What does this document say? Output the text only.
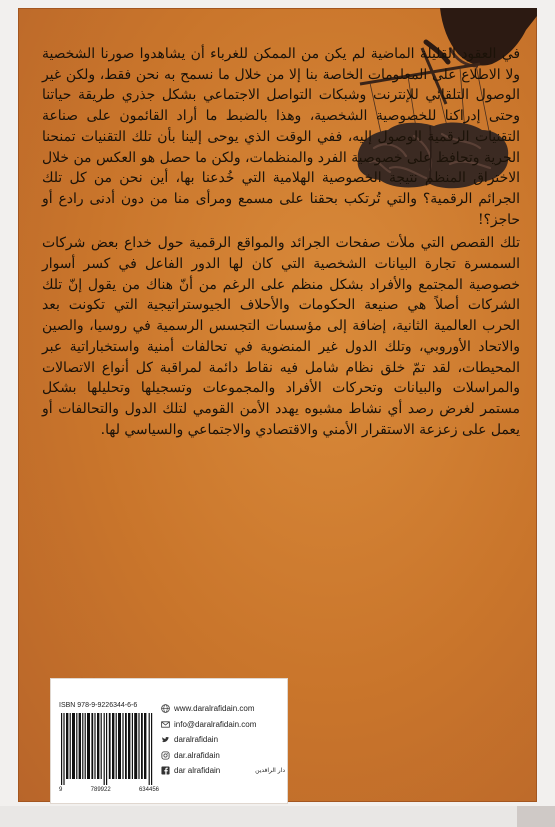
في العقود القليلة الماضية لم يكن من الممكن للغرباء أن يشاهدوا صورنا الشخصية ولا الاطلاع على المعلومات الخاصة بنا إلا من خلال ما نسمح به نحن فقط، ولكن غير الوصول التلقائي للإنترنت وشبكات التواصل الاجتماعي بشكل جذري طريقة حياتنا وحتى إدراكنا للخصوصية الشخصية، وهذا بالضبط ما أراد القائمون على صناعة التقنيات الرقمية الوصول إليه، ففي الوقت الذي يوحى إلينا بأن تلك التقنيات تمنحنا الحرية وتحافظ على خصوصية الفرد والمنظمات، ولكن ما حصل هو العكس من خلال الاختراق المنظم نتيجة الخصوصية الهلامية التي خُدعنا بها، أين نحن من كل تلك الجرائم الرقمية؟ والتي تُرتكب بحقنا على مسمع ومرأى منا من دون أدنى رادع أو حاجز؟!

تلك القصص التي ملأت صفحات الجرائد والمواقع الرقمية حول خداع بعض شركات السمسرة تجارة البيانات الشخصية التي كان لها الدور الفاعل في كسر أسوار خصوصية المجتمع والأفراد بشكل منظم على الرغم من أنّ هناك من يقول إنّ تلك الشركات أصلاً هي صنيعة الحكومات والأحلاف الجيوستراتيجية التي تكونت بعد الحرب العالمية الثانية، إضافة إلى مؤسسات التجسس الرسمية في روسيا، والصين والاتحاد الأوروبي، وتلك الدول غير المنضوية في تحالفات أمنية واستخباراتية عبر المحيطات، لقد تمّ خلق نظام شامل فيه نقاط دائمة لمراقبة كل أنواع الاتصالات والمراسلات والبيانات وتحركات الأفراد والمجموعات وتسجيلها وتحليلها بشكل مستمر لغرض رصد أي نشاط مشبوه يهدد الأمن القومي لتلك الدول والتحالفات أو يعمل على زعزعة الاستقرار الأمني والاقتصادي والاجتماعي والسياسي لها.

ISBN 978-9-9226344-6-6
9	789922	634456
www.daralrafidain.com
info@daralrafidain.com
daralrafidain
dar.alrafidain
dar alrafidain	دار الرافدين
